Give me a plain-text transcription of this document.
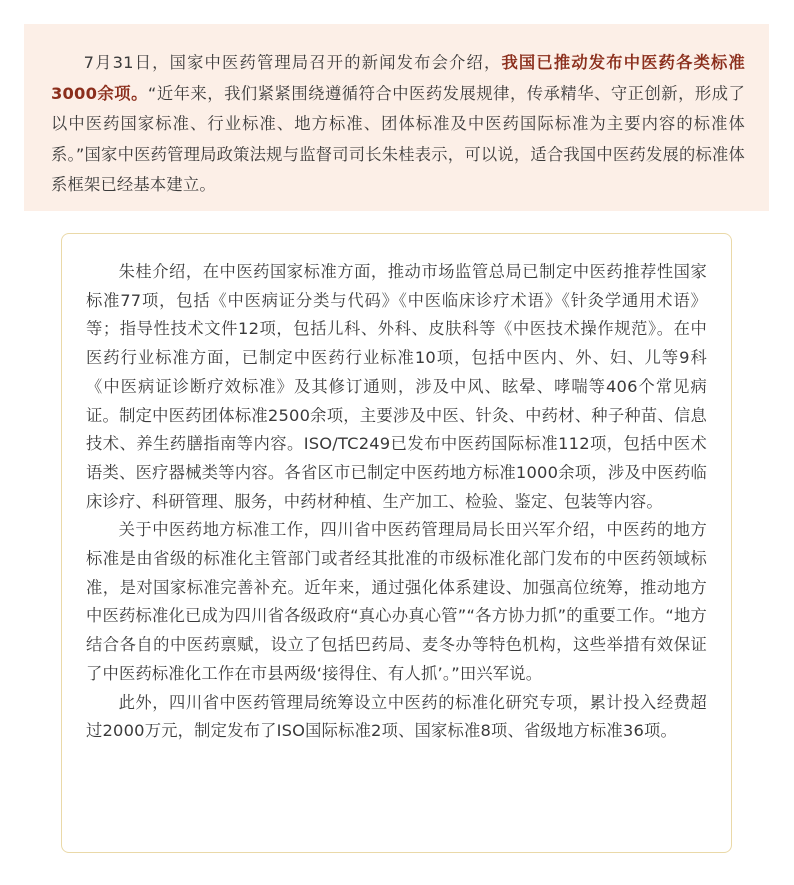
7月31日，国家中医药管理局召开的新闻发布会介绍，我国已推动发布中医药各类标准3000余项。“近年来，我们紧紧围绕遵循符合中医药发展规律，传承精华、守正创新，形成了以中医药国家标准、行业标准、地方标准、团体标准及中医药国际标准为主要内容的标准体系。”国家中医药管理局政策法规与监督司司长朱桂表示，可以说，适合我国中医药发展的标准体系框架已经基本建立。

朱桂介绍，在中医药国家标准方面，推动市场监管总局已制定中医药推荐性国家标准77项，包括《中医病证分类与代码》《中医临床诊疗术语》《针灸学通用术语》等；指导性技术文件12项，包括儿科、外科、皮肤科等《中医技术操作规范》。在中医药行业标准方面，已制定中医药行业标准10项，包括中医内、外、妇、儿等9科《中医病证诊断疗效标准》及其修订通则，涉及中风、眩晕、哮喘等406个常见病证。制定中医药团体标准2500余项，主要涉及中医、针灸、中药材、种子种苗、信息技术、养生药膳指南等内容。ISO/TC249已发布中医药国际标准112项，包括中医术语类、医疗器械类等内容。各省区市已制定中医药地方标准1000余项，涉及中医药临床诊疗、科研管理、服务，中药材种植、生产加工、检验、鉴定、包装等内容。

关于中医药地方标准工作，四川省中医药管理局局长田兴军介绍，中医药的地方标准是由省级的标准化主管部门或者经其批准的市级标准化部门发布的中医药领域标准，是对国家标准完善补充。近年来，通过强化体系建设、加强高位统筹，推动地方中医药标准化已成为四川省各级政府“真心办真心管”“各方协力抓”的重要工作。“地方结合各自的中医药禀赋，设立了包括巴药局、麦冬办等特色机构，这些举措有效保证了中医药标准化工作在市县两级‘接得住、有人抓’。”田兴军说。

此外，四川省中医药管理局统筹设立中医药的标准化研究专项，累计投入经费超过2000万元，制定发布了ISO国际标准2项、国家标准8项、省级地方标准36项。
